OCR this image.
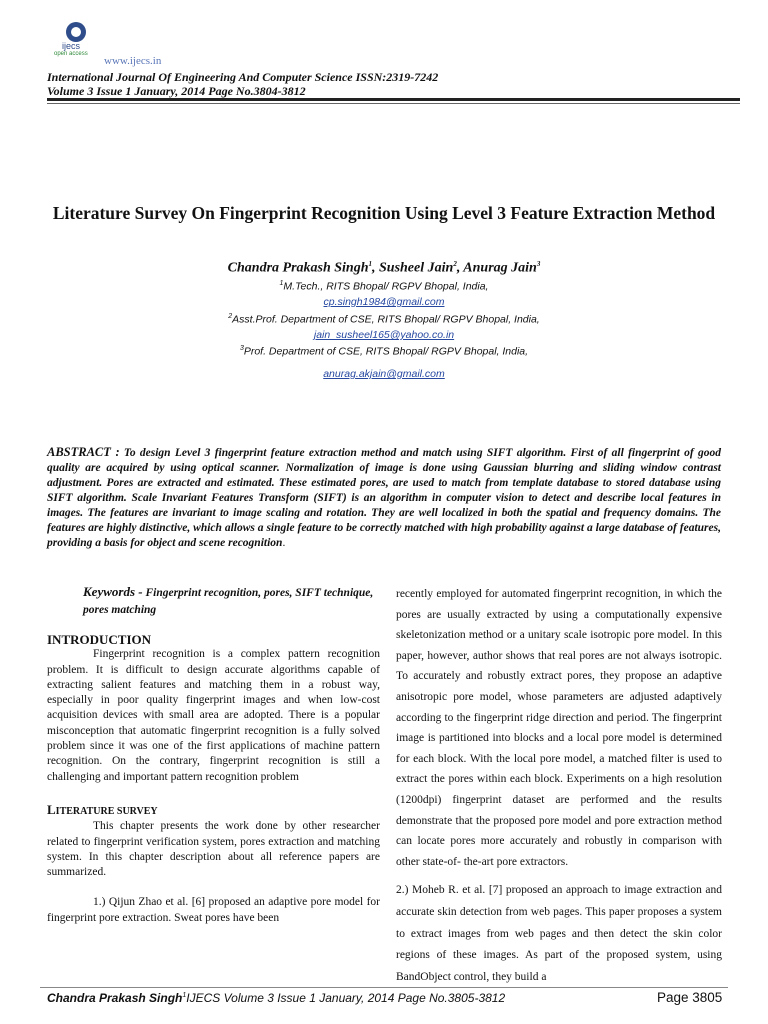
ijecs
open access
www.ijecs.in
International Journal Of Engineering And Computer Science ISSN:2319-7242
Volume 3 Issue 1 January, 2014 Page No.3804-3812
Literature Survey On Fingerprint Recognition Using Level 3 Feature Extraction Method
Chandra Prakash Singh$^1$, Susheel Jain$^2$, Anurag Jain$^3$
$^1$M.Tech., RITS Bhopal/ RGPV Bhopal, India,
cp.singh1984@gmail.com
$^2$Asst.Prof. Department of CSE, RITS Bhopal/ RGPV Bhopal, India,
jain_susheel165@yahoo.co.in
$^3$Prof. Department of CSE, RITS Bhopal/ RGPV Bhopal, India,
anurag.akjain@gmail.com
ABSTRACT : To design Level 3 fingerprint feature extraction method and match using SIFT algorithm. First of all fingerprint of good quality are acquired by using optical scanner. Normalization of image is done using Gaussian blurring and sliding window contrast adjustment. Pores are extracted and estimated. These estimated pores, are used to match from template database to stored database using SIFT algorithm. Scale Invariant Features Transform (SIFT) is an algorithm in computer vision to detect and describe local features in images. The features are invariant to image scaling and rotation. They are well localized in both the spatial and frequency domains. The features are highly distinctive, which allows a single feature to be correctly matched with high probability against a large database of features, providing a basis for object and scene recognition.
Keywords - Fingerprint recognition, pores, SIFT technique, pores matching
INTRODUCTION

Fingerprint recognition is a complex pattern recognition problem. It is difficult to design accurate algorithms capable of extracting salient features and matching them in a robust way, especially in poor quality fingerprint images and when low-cost acquisition devices with small area are adopted. There is a popular misconception that automatic fingerprint recognition is a fully solved problem since it was one of the first applications of machine pattern recognition. On the contrary, fingerprint recognition is still a challenging and important pattern recognition problem

LITERATURE SURVEY

This chapter presents the work done by other researcher related to fingerprint verification system, pores extraction and matching system. In this chapter description about all reference papers are summarized.

1.) Qijun Zhao et al. [6] proposed an adaptive pore model for fingerprint pore extraction. Sweat pores have been

recently employed for automated fingerprint recognition, in which the pores are usually extracted by using a computationally expensive skeletonization method or a unitary scale isotropic pore model. In this paper, however, author shows that real pores are not always isotropic. To accurately and robustly extract pores, they propose an adaptive anisotropic pore model, whose parameters are adjusted adaptively according to the fingerprint ridge direction and period. The fingerprint image is partitioned into blocks and a local pore model is determined for each block. With the local pore model, a matched filter is used to extract the pores within each block. Experiments on a high resolution (1200dpi) fingerprint dataset are performed and the results demonstrate that the proposed pore model and pore extraction method can locate pores more accurately and robustly in comparison with other state-of- the-art pore extractors.

2.) Moheb R. et al. [7] proposed an approach to image extraction and accurate skin detection from web pages. This paper proposes a system to extract images from web pages and then detect the skin color regions of these images. As part of the proposed system, using BandObject control, they build a

Chandra Prakash Singh$^1$IJECS Volume 3 Issue 1 January, 2014 Page No.3805-3812	Page 3805
